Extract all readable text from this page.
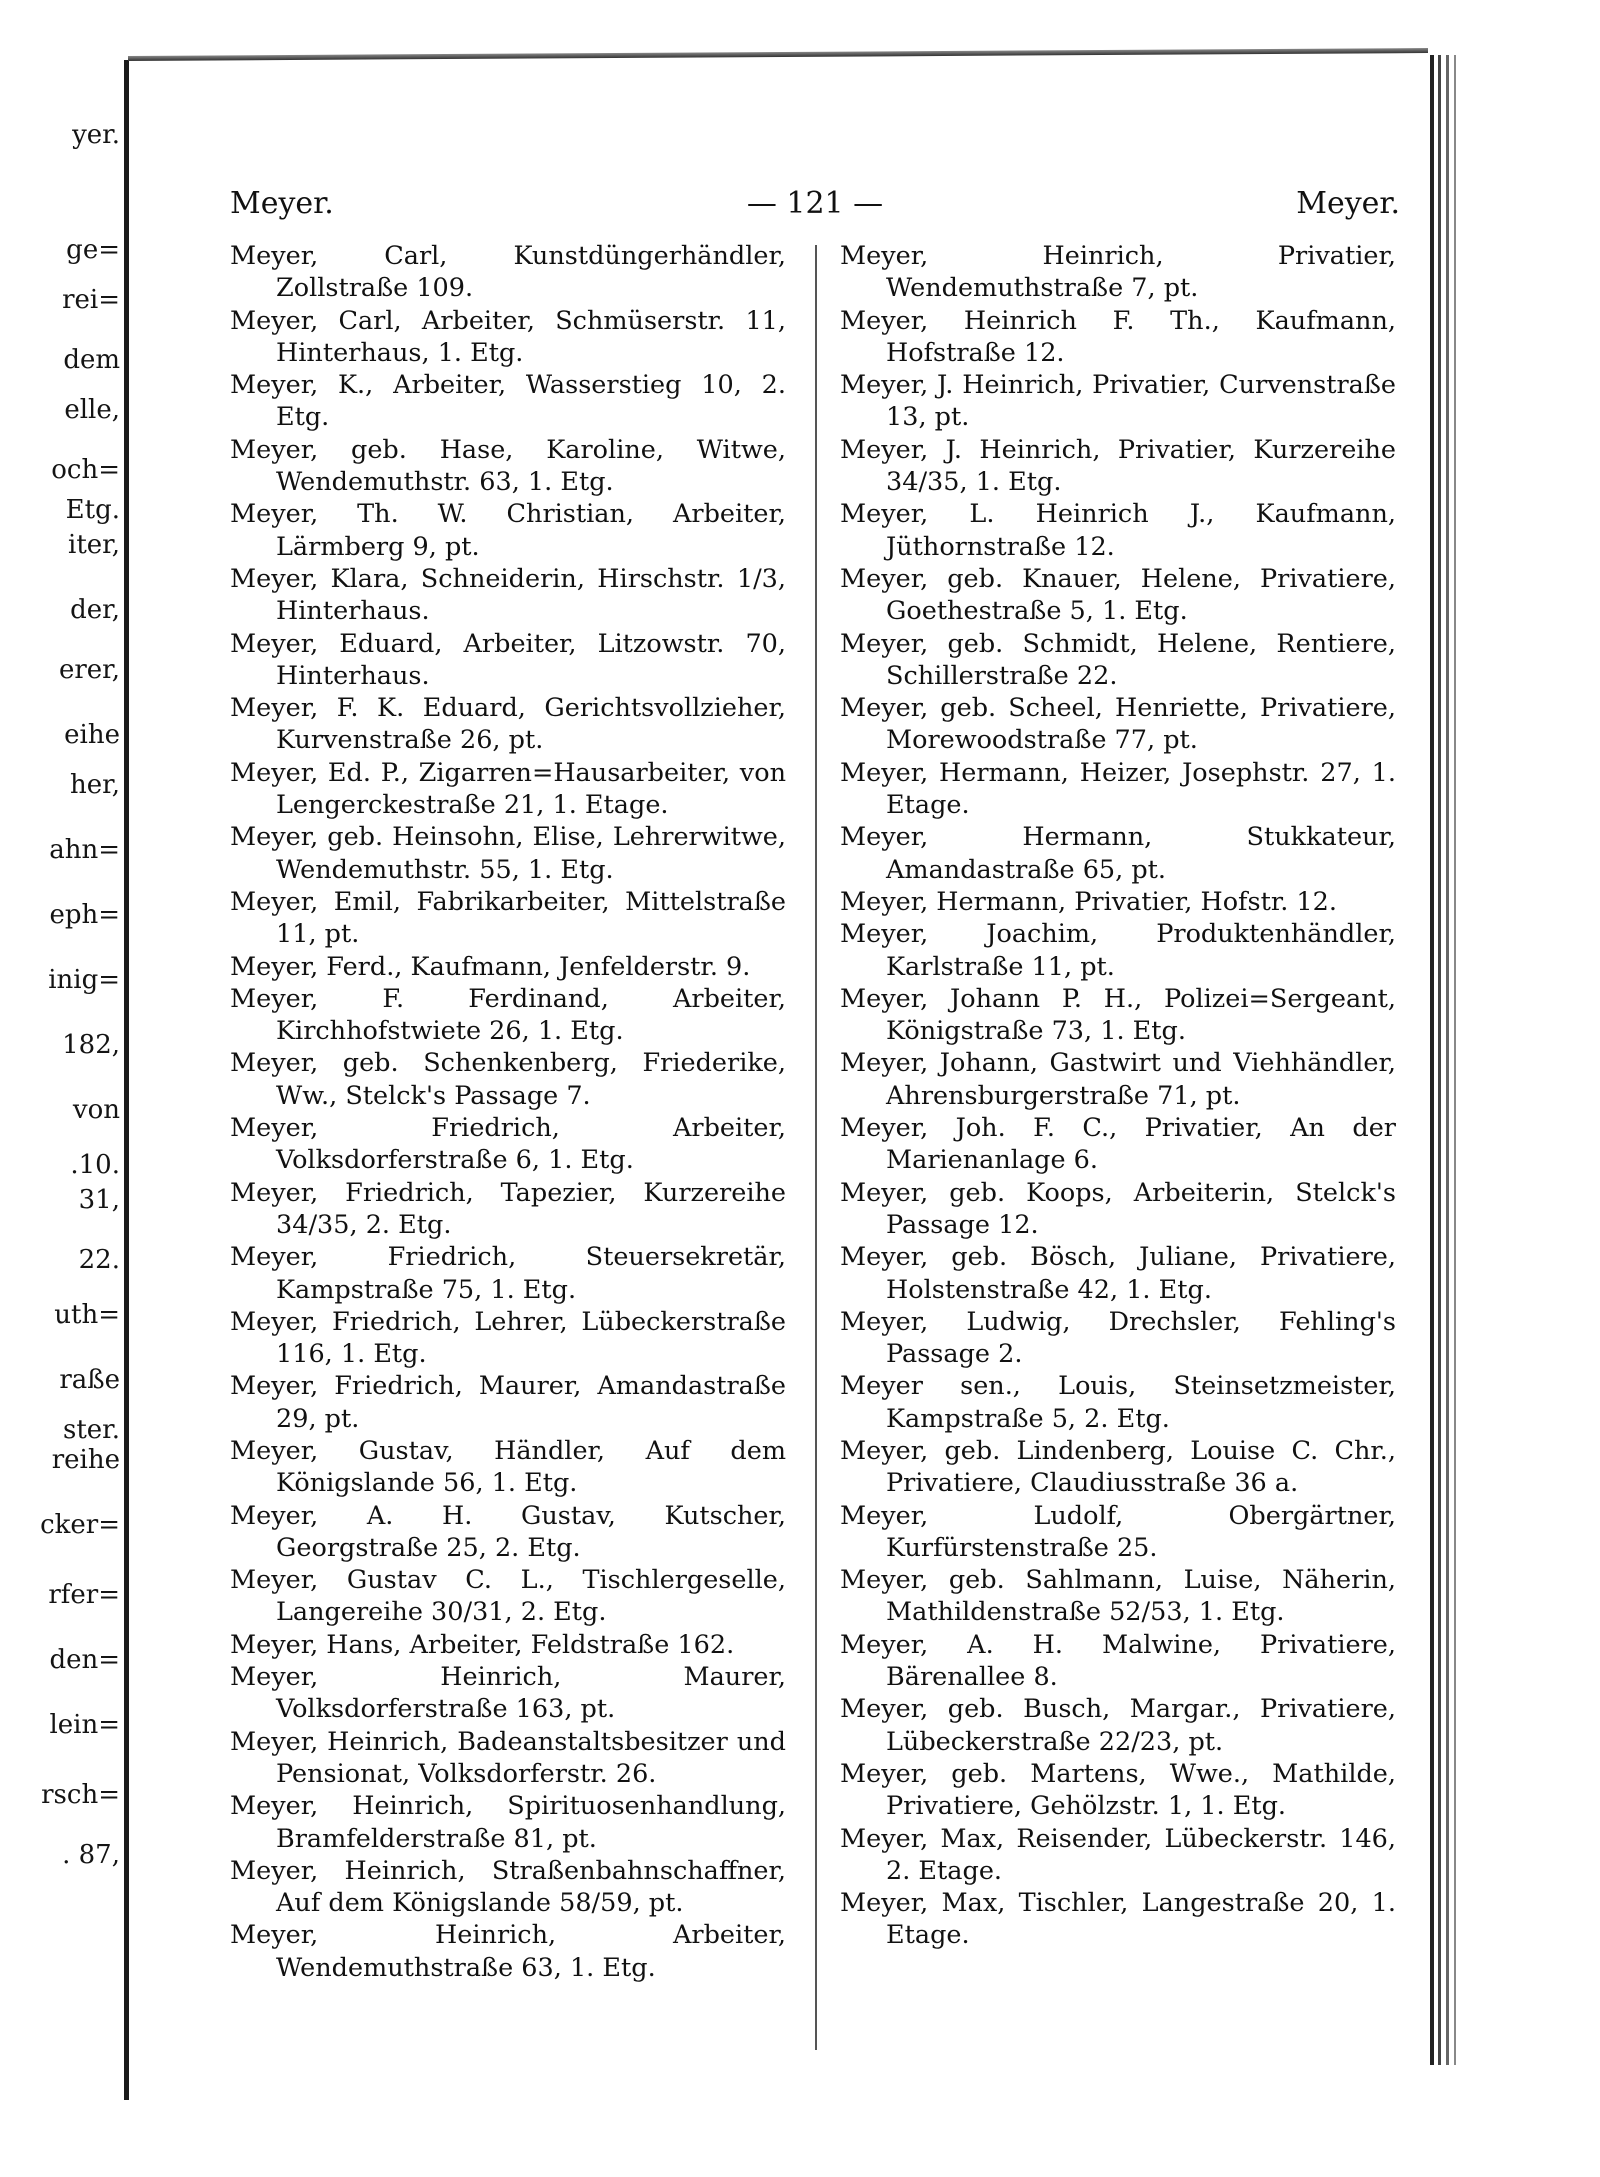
yer.
ge=
rei=
dem
elle,
och=
Etg.
iter,
der,
erer,
eihe
her,
ahn=
eph=
inig=
182,
von
.10.
31,
22.
uth=
raße
ster.
reihe
cker=
rfer=
den=
lein=
rsch=
. 87,
Meyer.	— 121 —	Meyer.

Meyer, Carl, Kunstdüngerhändler, Zollstraße 109.

Meyer, Carl, Arbeiter, Schmüserstr. 11, Hinterhaus, 1. Etg.

Meyer, K., Arbeiter, Wasserstieg 10, 2. Etg.

Meyer, geb. Hase, Karoline, Witwe, Wendemuthstr. 63, 1. Etg.

Meyer, Th. W. Christian, Arbeiter, Lärmberg 9, pt.

Meyer, Klara, Schneiderin, Hirschstr. 1/3, Hinterhaus.

Meyer, Eduard, Arbeiter, Litzowstr. 70, Hinterhaus.

Meyer, F. K. Eduard, Gerichtsvollzieher, Kurvenstraße 26, pt.

Meyer, Ed. P., Zigarren=Hausarbeiter, von Lengerckestraße 21, 1. Etage.

Meyer, geb. Heinsohn, Elise, Lehrerwitwe, Wendemuthstr. 55, 1. Etg.

Meyer, Emil, Fabrikarbeiter, Mittelstraße 11, pt.

Meyer, Ferd., Kaufmann, Jenfelderstr. 9.

Meyer, F. Ferdinand, Arbeiter, Kirchhofstwiete 26, 1. Etg.

Meyer, geb. Schenkenberg, Friederike, Ww., Stelck's Passage 7.

Meyer, Friedrich, Arbeiter, Volksdorferstraße 6, 1. Etg.

Meyer, Friedrich, Tapezier, Kurzereihe 34/35, 2. Etg.

Meyer, Friedrich, Steuersekretär, Kampstraße 75, 1. Etg.

Meyer, Friedrich, Lehrer, Lübeckerstraße 116, 1. Etg.

Meyer, Friedrich, Maurer, Amandastraße 29, pt.

Meyer, Gustav, Händler, Auf dem Königslande 56, 1. Etg.

Meyer, A. H. Gustav, Kutscher, Georgstraße 25, 2. Etg.

Meyer, Gustav C. L., Tischlergeselle, Langereihe 30/31, 2. Etg.

Meyer, Hans, Arbeiter, Feldstraße 162.

Meyer, Heinrich, Maurer, Volksdorferstraße 163, pt.

Meyer, Heinrich, Badeanstaltsbesitzer und Pensionat, Volksdorferstr. 26.

Meyer, Heinrich, Spirituosenhandlung, Bramfelderstraße 81, pt.

Meyer, Heinrich, Straßenbahnschaffner, Auf dem Königslande 58/59, pt.

Meyer, Heinrich, Arbeiter, Wendemuthstraße 63, 1. Etg.

Meyer, Heinrich, Privatier, Wendemuthstraße 7, pt.

Meyer, Heinrich F. Th., Kaufmann, Hofstraße 12.

Meyer, J. Heinrich, Privatier, Curvenstraße 13, pt.

Meyer, J. Heinrich, Privatier, Kurzereihe 34/35, 1. Etg.

Meyer, L. Heinrich J., Kaufmann, Jüthornstraße 12.

Meyer, geb. Knauer, Helene, Privatiere, Goethestraße 5, 1. Etg.

Meyer, geb. Schmidt, Helene, Rentiere, Schillerstraße 22.

Meyer, geb. Scheel, Henriette, Privatiere, Morewoodstraße 77, pt.

Meyer, Hermann, Heizer, Josephstr. 27, 1. Etage.

Meyer, Hermann, Stukkateur, Amandastraße 65, pt.

Meyer, Hermann, Privatier, Hofstr. 12.

Meyer, Joachim, Produktenhändler, Karlstraße 11, pt.

Meyer, Johann P. H., Polizei=Sergeant, Königstraße 73, 1. Etg.

Meyer, Johann, Gastwirt und Viehhändler, Ahrensburgerstraße 71, pt.

Meyer, Joh. F. C., Privatier, An der Marienanlage 6.

Meyer, geb. Koops, Arbeiterin, Stelck's Passage 12.

Meyer, geb. Bösch, Juliane, Privatiere, Holstenstraße 42, 1. Etg.

Meyer, Ludwig, Drechsler, Fehling's Passage 2.

Meyer sen., Louis, Steinsetzmeister, Kampstraße 5, 2. Etg.

Meyer, geb. Lindenberg, Louise C. Chr., Privatiere, Claudiusstraße 36 a.

Meyer, Ludolf, Obergärtner, Kurfürstenstraße 25.

Meyer, geb. Sahlmann, Luise, Näherin, Mathildenstraße 52/53, 1. Etg.

Meyer, A. H. Malwine, Privatiere, Bärenallee 8.

Meyer, geb. Busch, Margar., Privatiere, Lübeckerstraße 22/23, pt.

Meyer, geb. Martens, Wwe., Mathilde, Privatiere, Gehölzstr. 1, 1. Etg.

Meyer, Max, Reisender, Lübeckerstr. 146, 2. Etage.

Meyer, Max, Tischler, Langestraße 20, 1. Etage.
